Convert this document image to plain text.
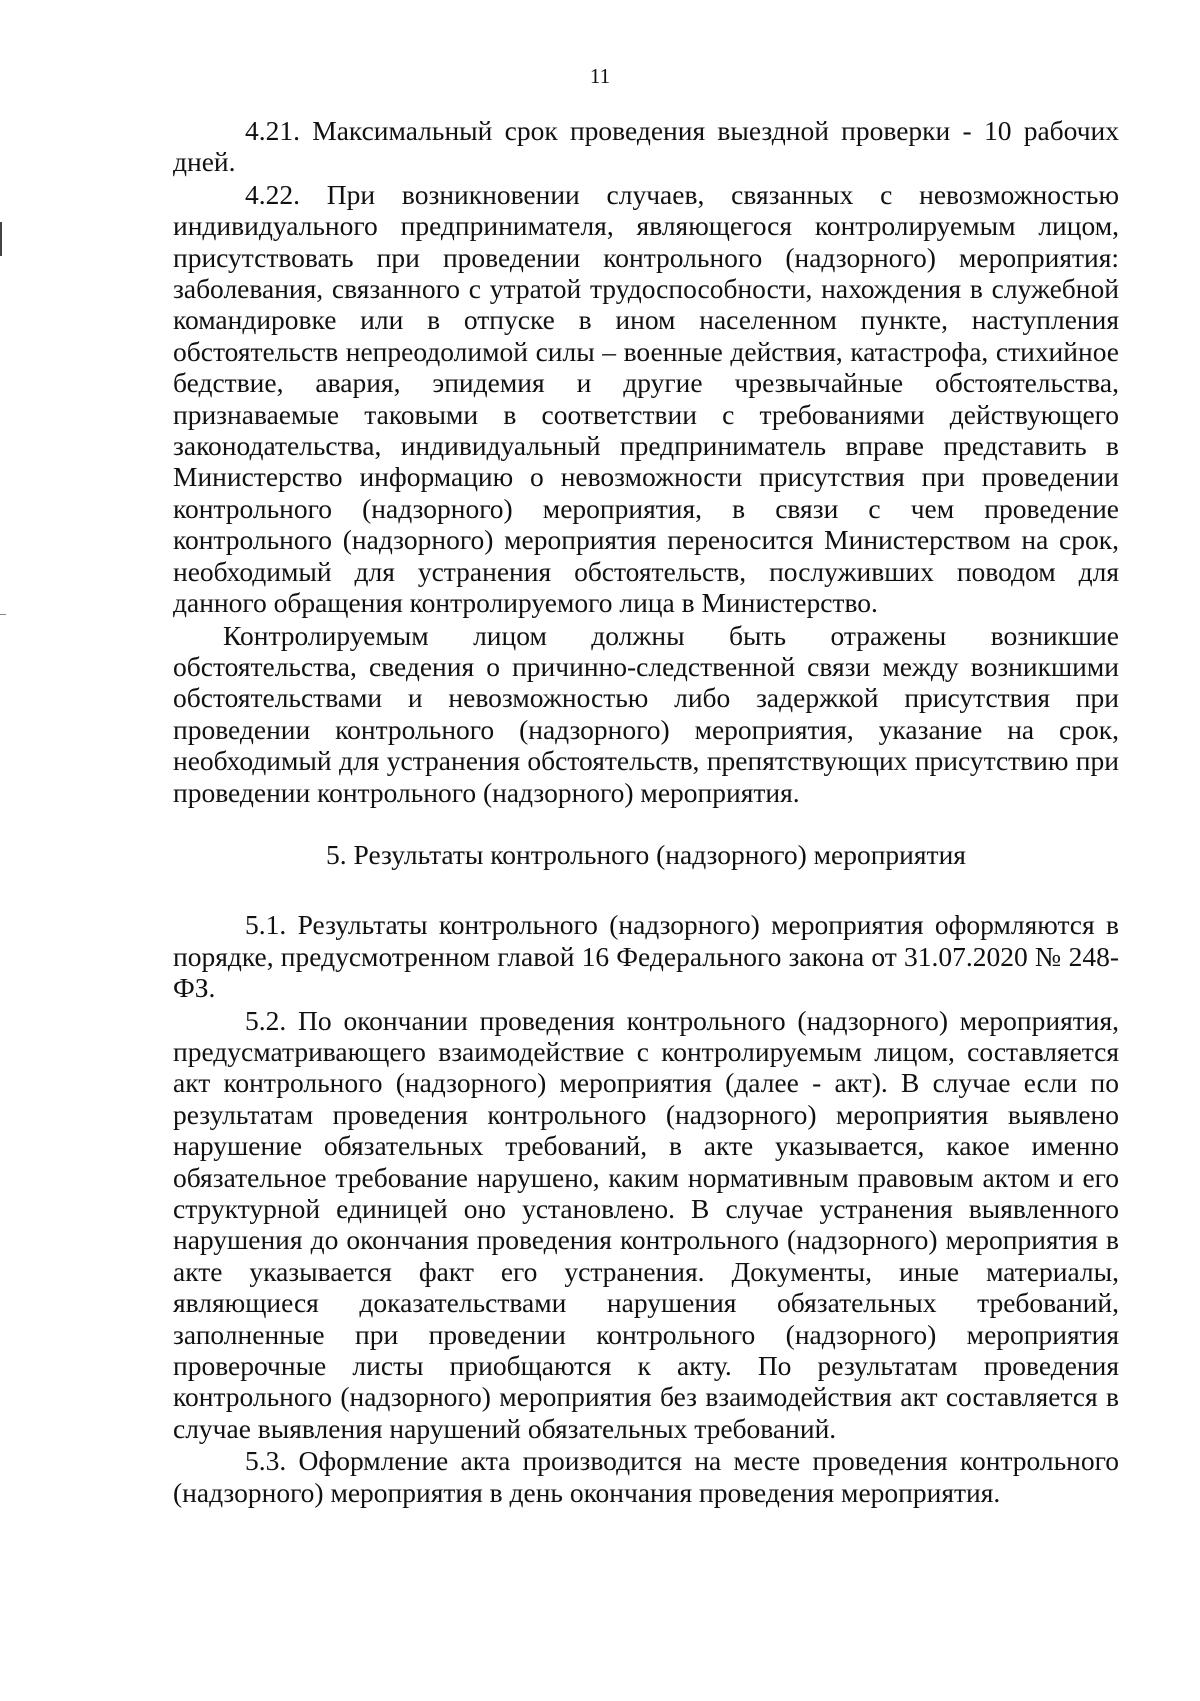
11

4.21. Максимальный срок проведения выездной проверки - 10 рабочих дней.

4.22. При возникновении случаев, связанных с невозможностью индивидуального предпринимателя, являющегося контролируемым лицом, присутствовать при проведении контрольного (надзорного) мероприятия: заболевания, связанного с утратой трудоспособности, нахождения в служебной командировке или в отпуске в ином населенном пункте, наступления обстоятельств непреодолимой силы – военные действия, катастрофа, стихийное бедствие, авария, эпидемия и другие чрезвычайные обстоятельства, признаваемые таковыми в соответствии с требованиями действующего законодательства, индивидуальный предприниматель вправе представить в Министерство информацию о невозможности присутствия при проведении контрольного (надзорного) мероприятия, в связи с чем проведение контрольного (надзорного) мероприятия переносится Министерством на срок, необходимый для устранения обстоятельств, послуживших поводом для данного обращения контролируемого лица в Министерство.

Контролируемым лицом должны быть отражены возникшие обстоятельства, сведения о причинно-следственной связи между возникшими обстоятельствами и невозможностью либо задержкой присутствия при проведении контрольного (надзорного) мероприятия, указание на срок, необходимый для устранения обстоятельств, препятствующих присутствию при проведении контрольного (надзорного) мероприятия.

5. Результаты контрольного (надзорного) мероприятия

5.1. Результаты контрольного (надзорного) мероприятия оформляются в порядке, предусмотренном главой 16 Федерального закона от 31.07.2020 № 248-ФЗ.

5.2. По окончании проведения контрольного (надзорного) мероприятия, предусматривающего взаимодействие с контролируемым лицом, составляется акт контрольного (надзорного) мероприятия (далее - акт). В случае если по результатам проведения контрольного (надзорного) мероприятия выявлено нарушение обязательных требований, в акте указывается, какое именно обязательное требование нарушено, каким нормативным правовым актом и его структурной единицей оно установлено. В случае устранения выявленного нарушения до окончания проведения контрольного (надзорного) мероприятия в акте указывается факт его устранения. Документы, иные материалы, являющиеся доказательствами нарушения обязательных требований, заполненные при проведении контрольного (надзорного) мероприятия проверочные листы приобщаются к акту. По результатам проведения контрольного (надзорного) мероприятия без взаимодействия акт составляется в случае выявления нарушений обязательных требований.

5.3. Оформление акта производится на месте проведения контрольного (надзорного) мероприятия в день окончания проведения мероприятия.
